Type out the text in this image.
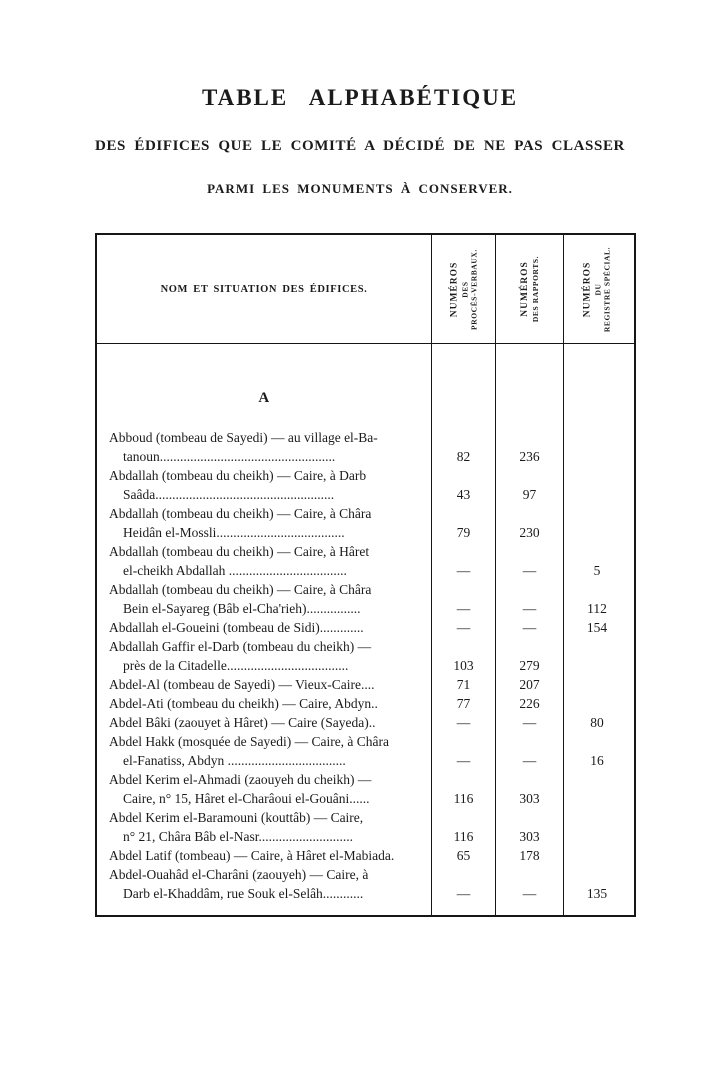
TABLE ALPHABÉTIQUE
DES ÉDIFICES QUE LE COMITÉ A DÉCIDÉ DE NE PAS CLASSER
PARMI LES MONUMENTS À CONSERVER.
NOM ET SITUATION DES ÉDIFICES.	NUMÉROS DES PROCÈS-VERBAUX.	NUMÉROS DES RAPPORTS.	NUMÉROS DU REGISTRE SPÉCIAL.
A
Abboud (tombeau de Sayedi) — au village el-Ba-
tanoun....................................................	82	236
Abdallah (tombeau du cheikh) — Caire, à Darb
Saâda.....................................................	43	97
Abdallah (tombeau du cheikh) — Caire, à Châra
Heidân el-Mossli......................................	79	230
Abdallah (tombeau du cheikh) — Caire, à Hâret
el-cheikh Abdallah ...................................	—	—	5
Abdallah (tombeau du cheikh) — Caire, à Châra
Bein el-Sayareg (Bâb el-Cha'rieh)................	—	—	112
Abdallah el-Goueini (tombeau de Sidi).............	—	—	154
Abdallah Gaffir el-Darb (tombeau du cheikh) —
près de la Citadelle....................................	103	279
Abdel-Al (tombeau de Sayedi) — Vieux-Caire....	71	207
Abdel-Ati (tombeau du cheikh) — Caire, Abdyn..	77	226
Abdel Bâki (zaouyet à Hâret) — Caire (Sayeda)..	—	—	80
Abdel Hakk (mosquée de Sayedi) — Caire, à Châra
el-Fanatiss, Abdyn ...................................	—	—	16
Abdel Kerim el-Ahmadi (zaouyeh du cheikh) —
Caire, n° 15, Hâret el-Charâoui el-Gouâni......	116	303
Abdel Kerim el-Baramouni (kouttâb) — Caire,
n° 21, Châra Bâb el-Nasr............................	116	303
Abdel Latif (tombeau) — Caire, à Hâret el-Mabiada.	65	178
Abdel-Ouahâd el-Charâni (zaouyeh) — Caire, à
Darb el-Khaddâm, rue Souk el-Selâh............	—	—	135
